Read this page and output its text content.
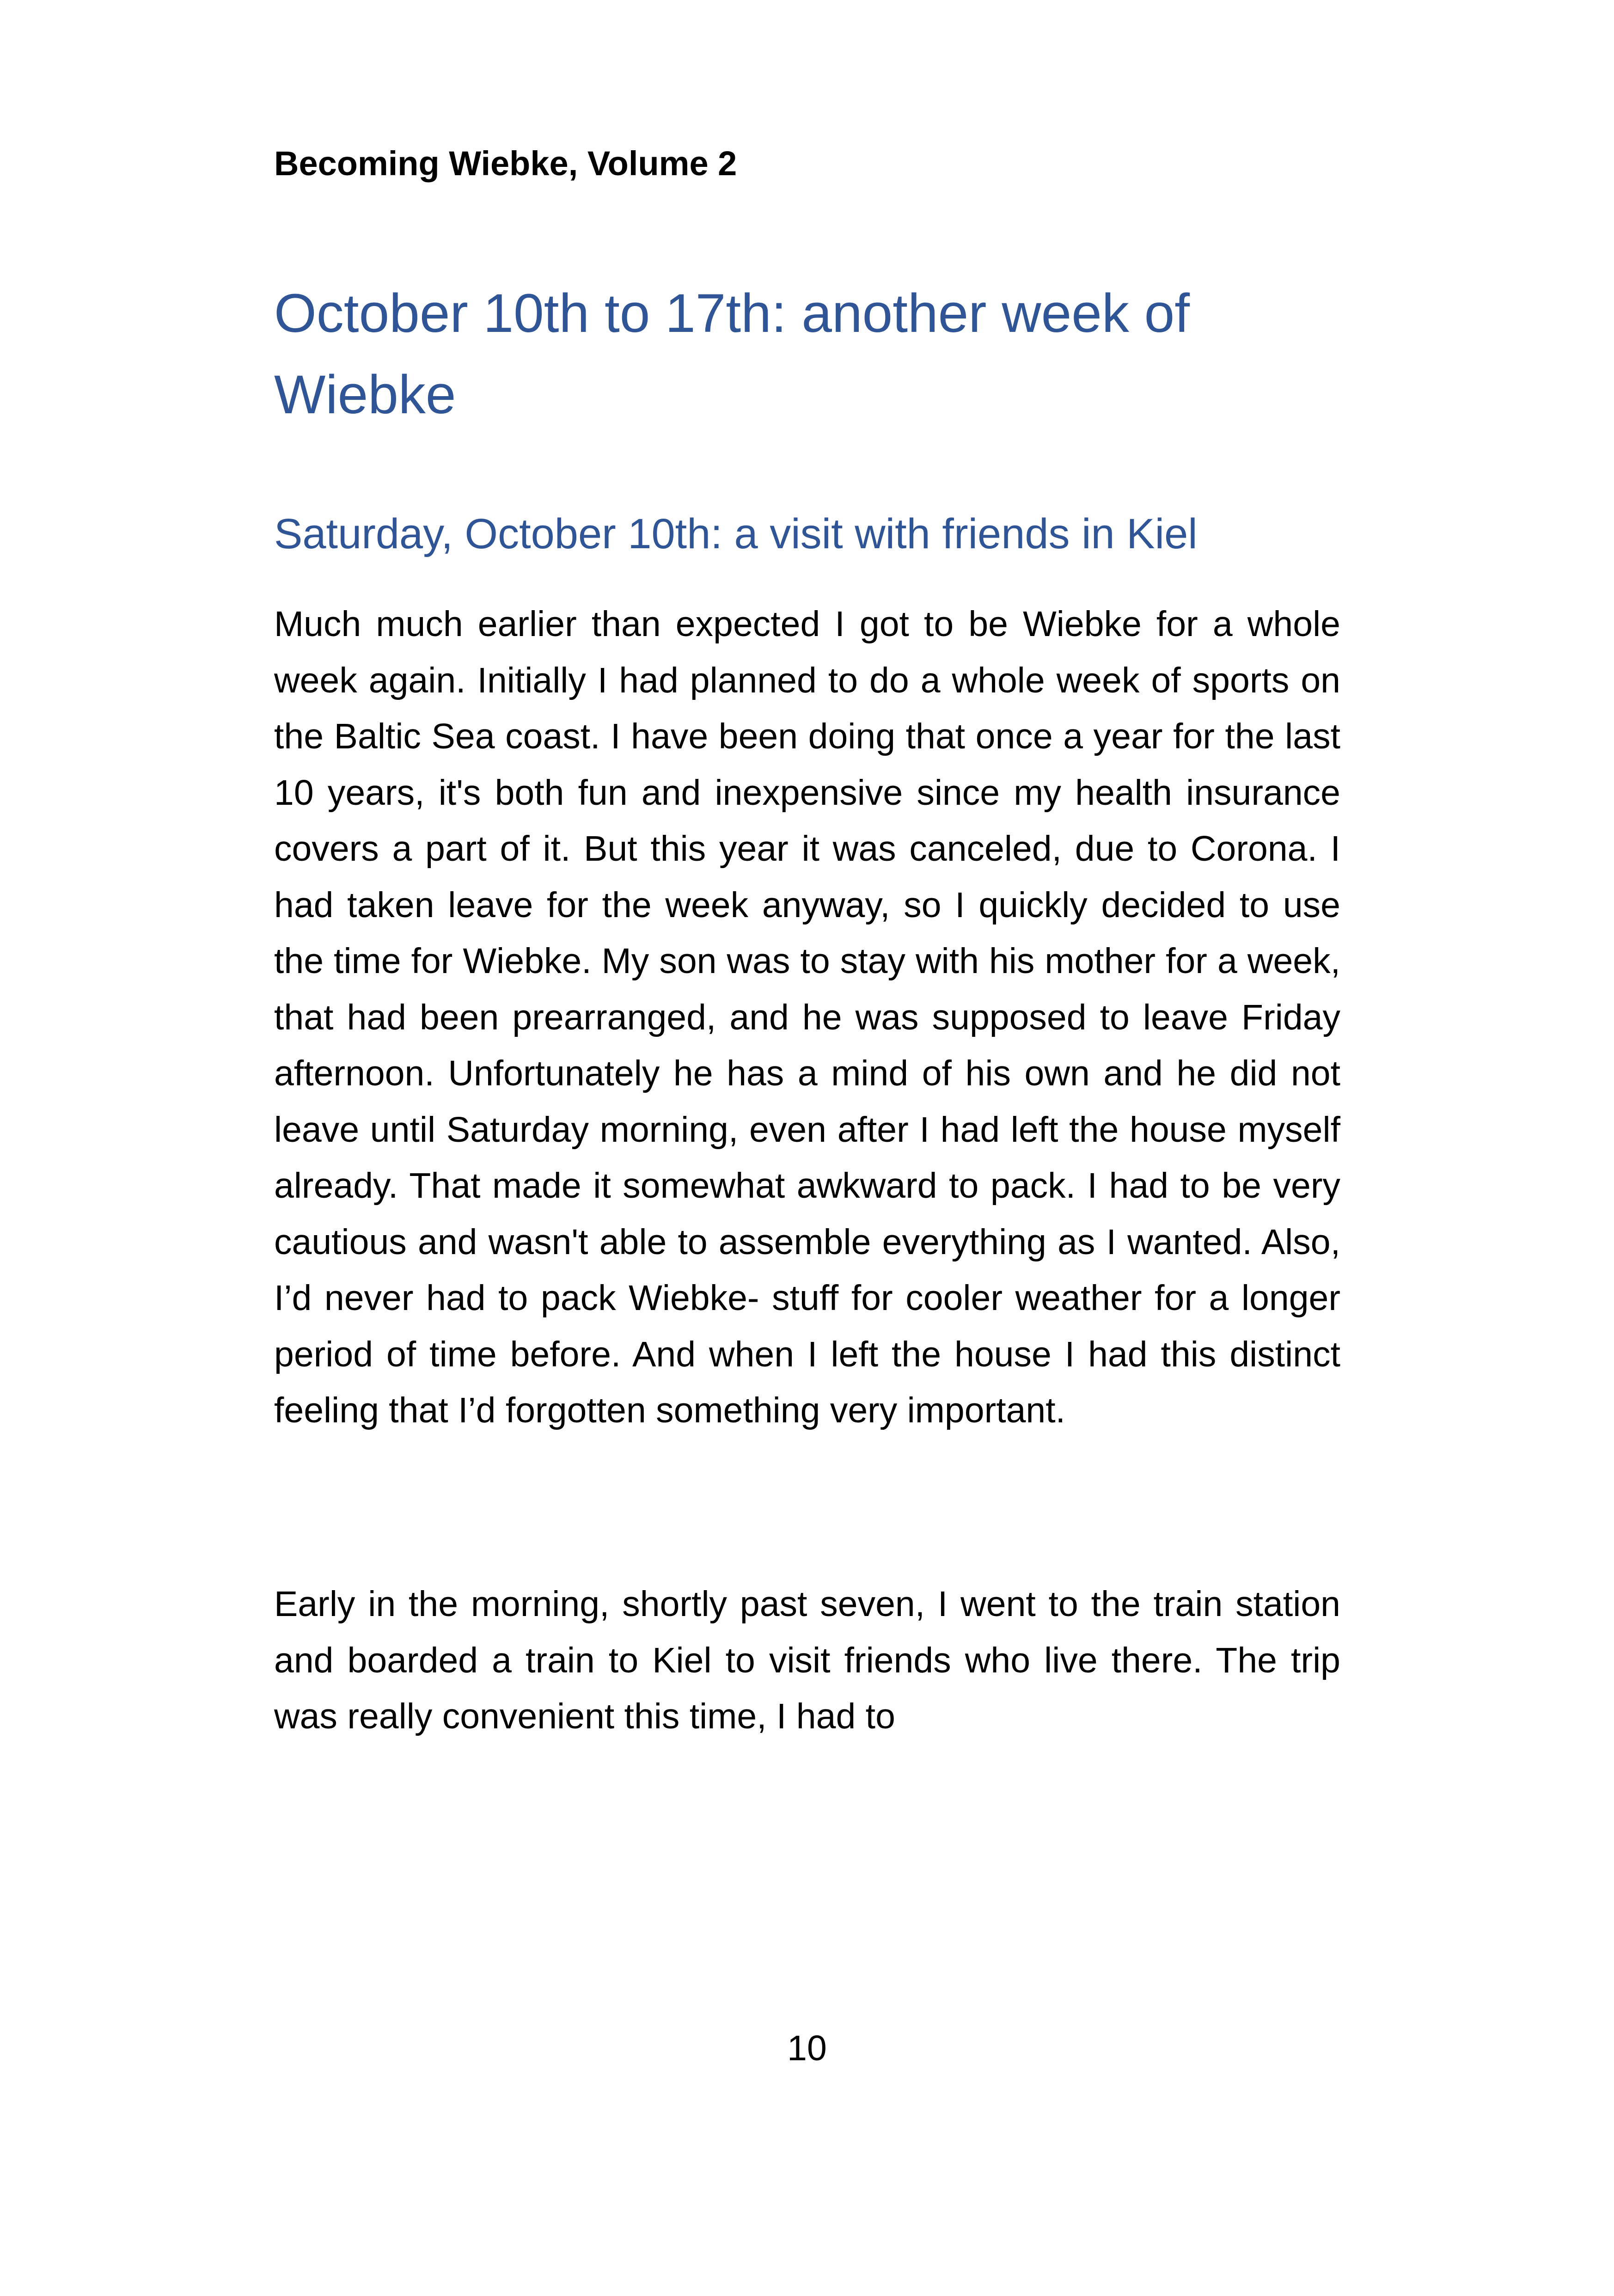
Becoming Wiebke, Volume 2

October 10th to 17th: another week of Wiebke
Saturday, October 10th: a visit with friends in Kiel

Much much earlier than expected I got to be Wiebke for a whole week again. Initially I had planned to do a whole week of sports on the Baltic Sea coast. I have been doing that once a year for the last 10 years, it's both fun and inexpensive since my health insurance covers a part of it. But this year it was canceled, due to Corona. I had taken leave for the week anyway, so I quickly decided to use the time for Wiebke. My son was to stay with his mother for a week, that had been prearranged, and he was supposed to leave Friday afternoon. Unfortunately he has a mind of his own and he did not leave until Saturday morning, even after I had left the house myself already. That made it somewhat awkward to pack. I had to be very cautious and wasn't able to assemble everything as I wanted. Also, I’d never had to pack Wiebke- stuff for cooler weather for a longer period of time before. And when I left the house I had this distinct feeling that I’d forgotten something very important.

Early in the morning, shortly past seven, I went to the train station and boarded a train to Kiel to visit friends who live there. The trip was really convenient this time, I had to

10
